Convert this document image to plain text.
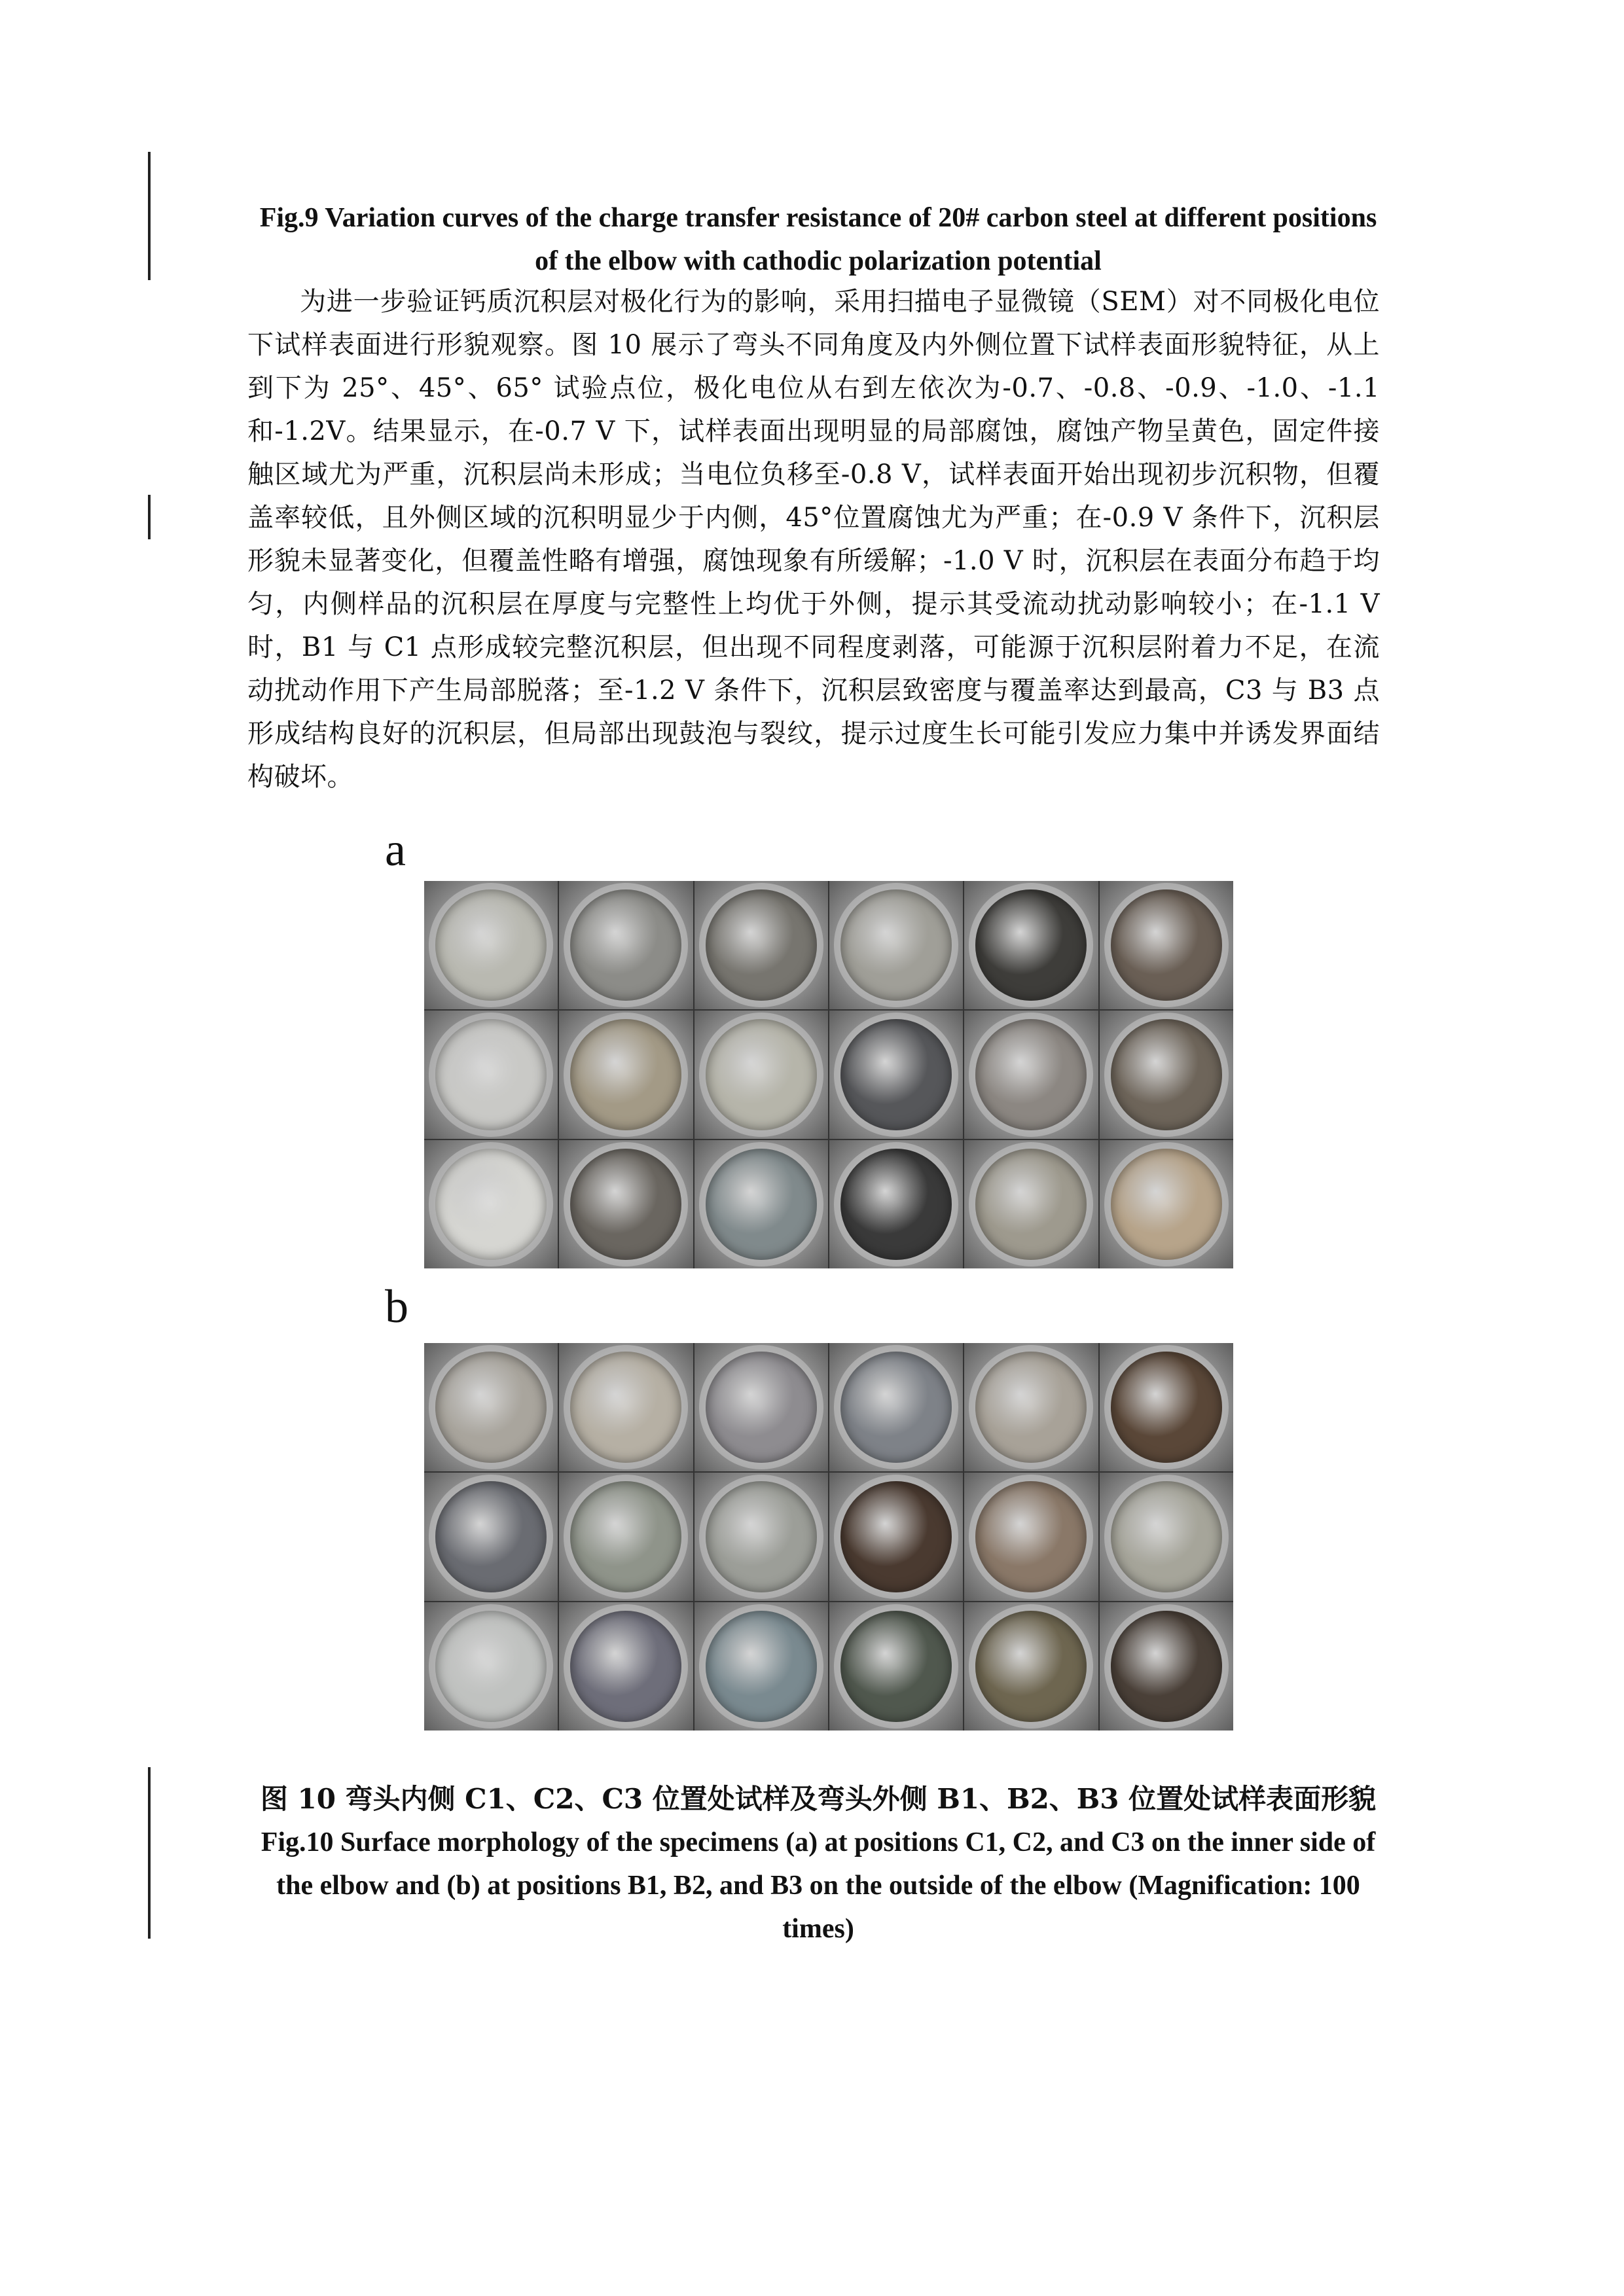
Fig.9 Variation curves of the charge transfer resistance of 20# carbon steel at different positions of the elbow with cathodic polarization potential
为进一步验证钙质沉积层对极化行为的影响，采用扫描电子显微镜（SEM）对不同极化电位下试样表面进行形貌观察。图 10 展示了弯头不同角度及内外侧位置下试样表面形貌特征，从上到下为 25°、45°、65° 试验点位，极化电位从右到左依次为-0.7、-0.8、-0.9、-1.0、-1.1 和-1.2V。结果显示，在-0.7 V 下，试样表面出现明显的局部腐蚀，腐蚀产物呈黄色，固定件接触区域尤为严重，沉积层尚未形成；当电位负移至-0.8 V，试样表面开始出现初步沉积物，但覆盖率较低，且外侧区域的沉积明显少于内侧，45°位置腐蚀尤为严重；在-0.9 V 条件下，沉积层形貌未显著变化，但覆盖性略有增强，腐蚀现象有所缓解；-1.0 V 时，沉积层在表面分布趋于均匀，内侧样品的沉积层在厚度与完整性上均优于外侧，提示其受流动扰动影响较小；在-1.1 V 时，B1 与 C1 点形成较完整沉积层，但出现不同程度剥落，可能源于沉积层附着力不足，在流动扰动作用下产生局部脱落；至-1.2 V 条件下，沉积层致密度与覆盖率达到最高，C3 与 B3 点形成结构良好的沉积层，但局部出现鼓泡与裂纹，提示过度生长可能引发应力集中并诱发界面结构破坏。
a
b
图 10 弯头内侧 C1、C2、C3 位置处试样及弯头外侧 B1、B2、B3 位置处试样表面形貌
Fig.10 Surface morphology of the specimens (a) at positions C1, C2, and C3 on the inner side of the elbow and (b) at positions B1, B2, and B3 on the outside of the elbow (Magnification: 100 times)
